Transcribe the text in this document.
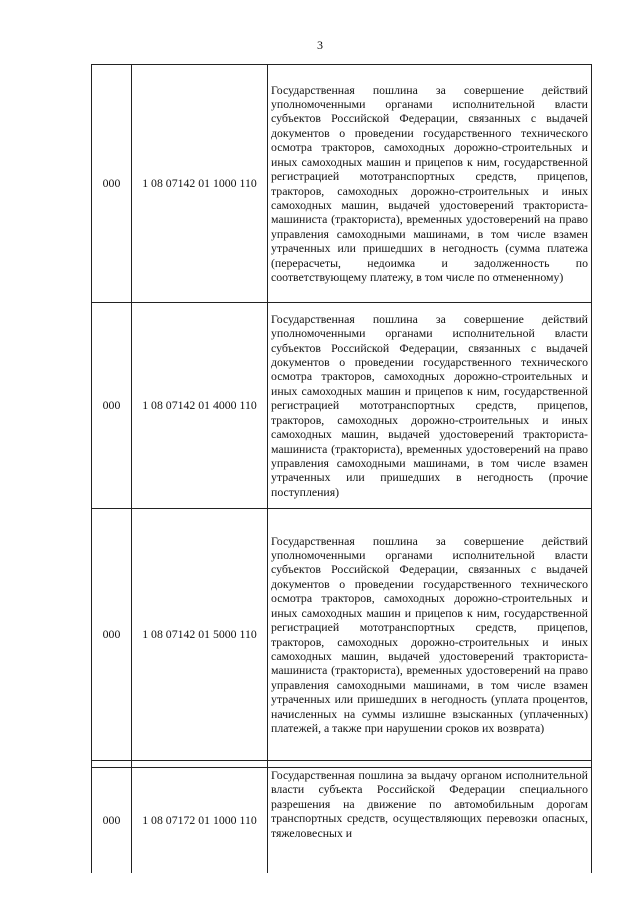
3
000	1 08 07142 01 1000 110	Государственная пошлина за совершение действий уполномоченными органами исполнительной власти субъектов Российской Федерации, связанных с выдачей документов о проведении государственного технического осмотра тракторов, самоходных дорожно-строительных и иных самоходных машин и прицепов к ним, государственной регистрацией мототранспортных средств, прицепов, тракторов, самоходных дорожно-строительных и иных самоходных машин, выдачей удостоверений тракториста-машиниста (тракториста), временных удостоверений на право управления самоходными машинами, в том числе взамен утраченных или пришедших в негодность (сумма платежа (перерасчеты, недоимка и задолженность по соответствующему платежу, в том числе по отмененному)
000	1 08 07142 01 4000 110	Государственная пошлина за совершение действий уполномоченными органами исполнительной власти субъектов Российской Федерации, связанных с выдачей документов о проведении государственного технического осмотра тракторов, самоходных дорожно-строительных и иных самоходных машин и прицепов к ним, государственной регистрацией мототранспортных средств, прицепов, тракторов, самоходных дорожно-строительных и иных самоходных машин, выдачей удостоверений тракториста-машиниста (тракториста), временных удостоверений на право управления самоходными машинами, в том числе взамен утраченных или пришедших в негодность (прочие поступления)
000	1 08 07142 01 5000 110	Государственная пошлина за совершение действий уполномоченными органами исполнительной власти субъектов Российской Федерации, связанных с выдачей документов о проведении государственного технического осмотра тракторов, самоходных дорожно-строительных и иных самоходных машин и прицепов к ним, государственной регистрацией мототранспортных средств, прицепов, тракторов, самоходных дорожно-строительных и иных самоходных машин, выдачей удостоверений тракториста-машиниста (тракториста), временных удостоверений на право управления самоходными машинами, в том числе взамен утраченных или пришедших в негодность (уплата процентов, начисленных на суммы излишне взысканных (уплаченных) платежей, а также при нарушении сроков их возврата)

000	1 08 07172 01 1000 110	Государственная пошлина за выдачу органом исполнительной власти субъекта Российской Федерации специального разрешения на движение по автомобильным дорогам транспортных средств, осуществляющих перевозки опасных, тяжеловесных и
